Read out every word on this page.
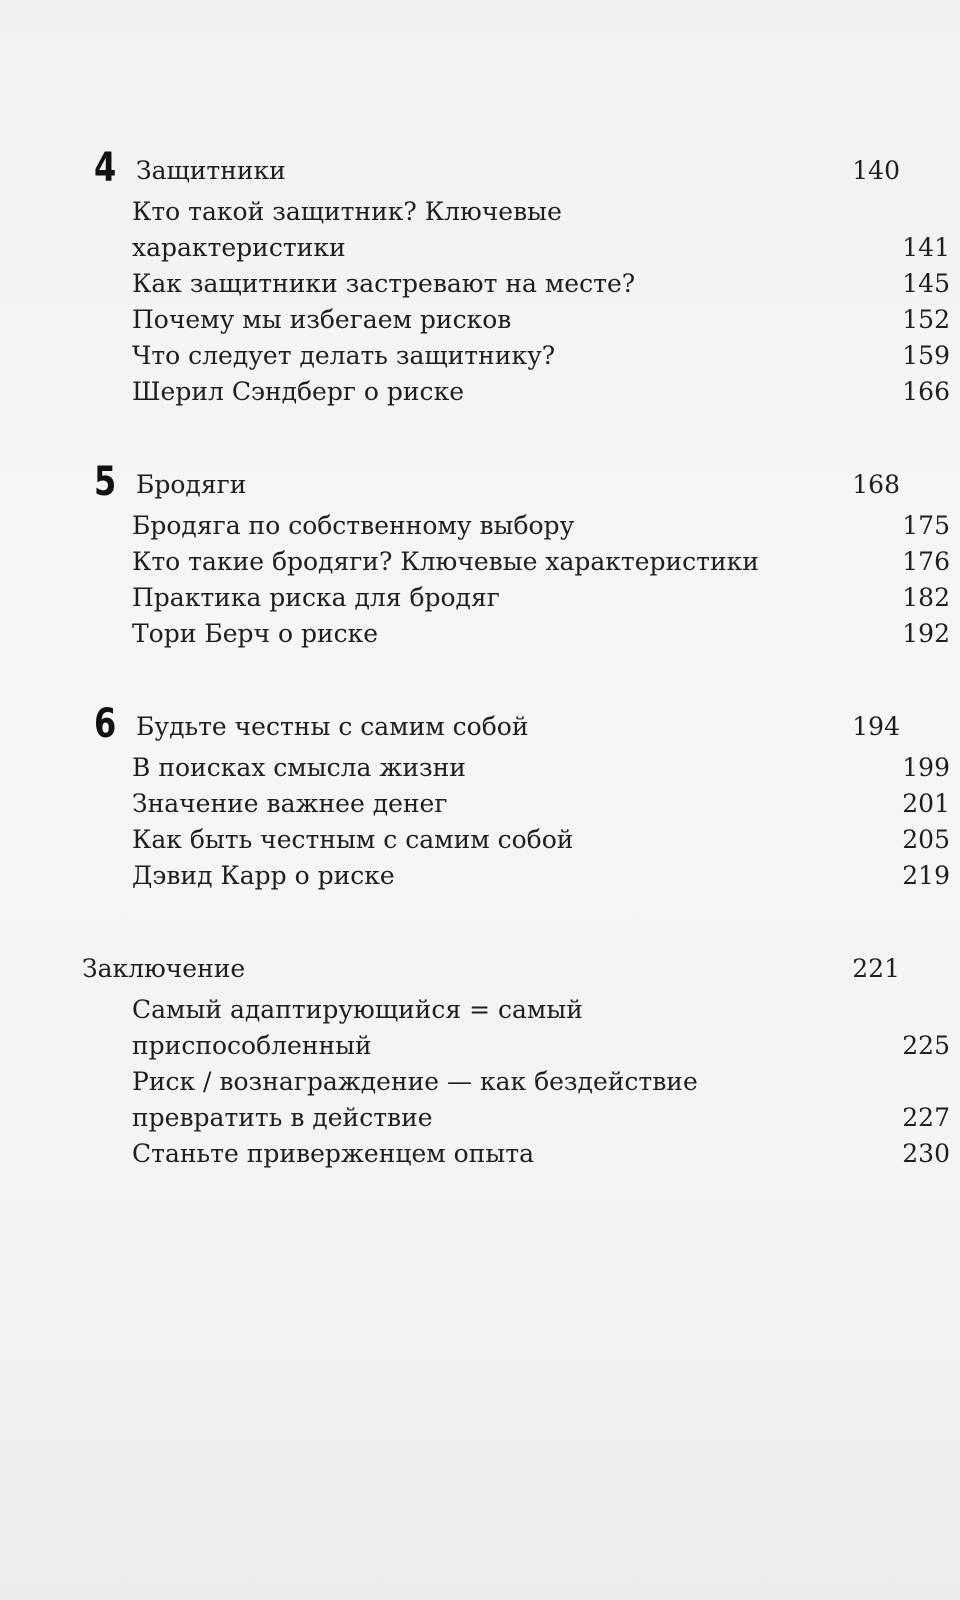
4 Защитники	140
Кто такой защитник? Ключевые
характеристики	141
Как защитники застревают на месте?	145
Почему мы избегаем рисков	152
Что следует делать защитнику?	159
Шерил Сэндберг о риске	166
5 Бродяги	168
Бродяга по собственному выбору	175
Кто такие бродяги? Ключевые характеристики	176
Практика риска для бродяг	182
Тори Берч о риске	192
6 Будьте честны с самим собой	194
В поисках смысла жизни	199
Значение важнее денег	201
Как быть честным с самим собой	205
Дэвид Карр о риске	219
Заключение	221
Самый адаптирующийся = самый
приспособленный	225
Риск / вознаграждение — как бездействие
превратить в действие	227
Станьте приверженцем опыта	230
